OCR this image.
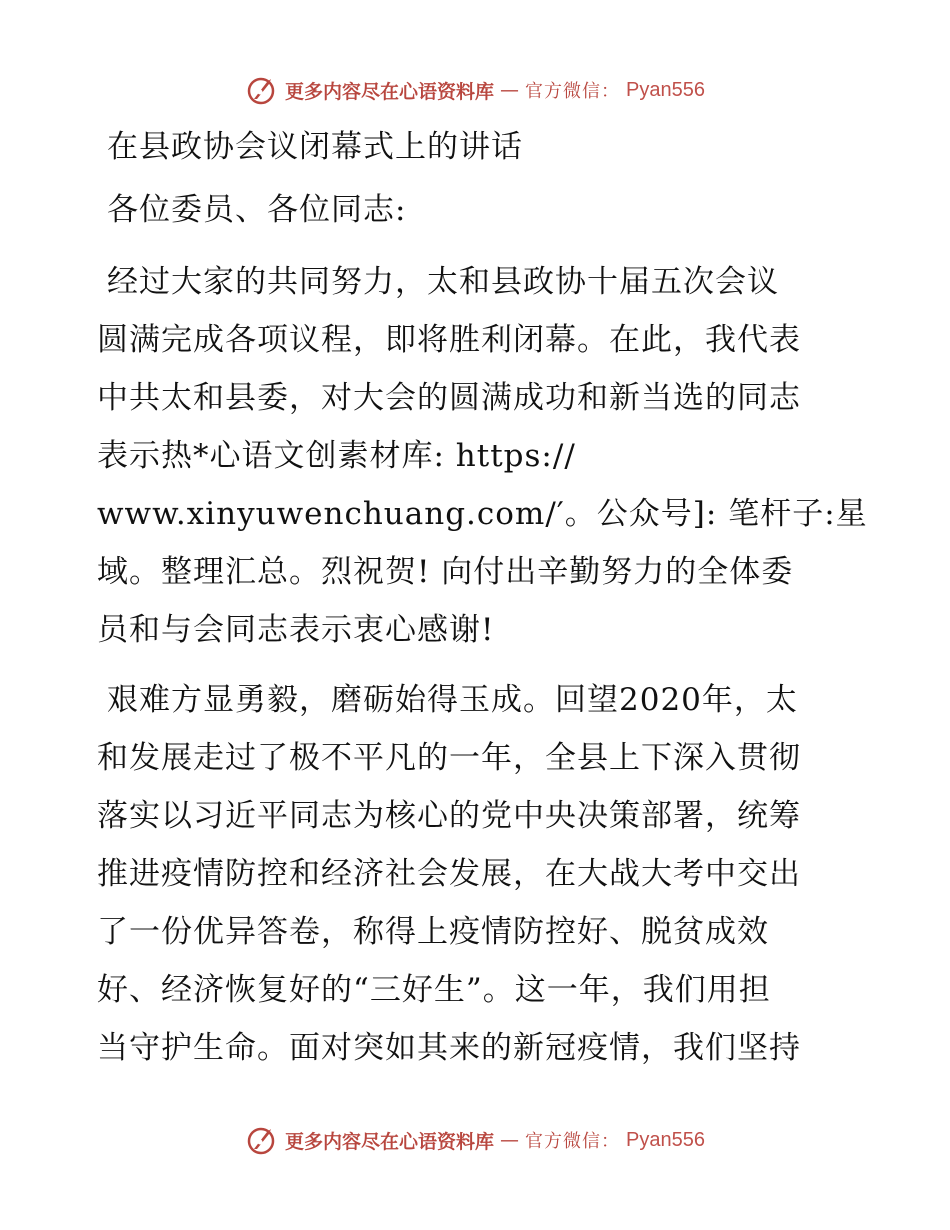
更多内容尽在心语资料库 — 官方微信： Pyan556
在县政协会议闭幕式上的讲话
各位委员、各位同志:
经过大家的共同努力，太和县政协十届五次会议
圆满完成各项议程，即将胜利闭幕。在此，我代表
中共太和县委，对大会的圆满成功和新当选的同志
表示热*心语文创素材库: https://
www.xinyuwenchuang.com/′。公众号]: 笔杆子:星
域。整理汇总。烈祝贺! 向付出辛勤努力的全体委
员和与会同志表示衷心感谢!
艰难方显勇毅，磨砺始得玉成。回望2020年，太
和发展走过了极不平凡的一年，全县上下深入贯彻
落实以习近平同志为核心的党中央决策部署，统筹
推进疫情防控和经济社会发展，在大战大考中交出
了一份优异答卷，称得上疫情防控好、脱贫成效
好、经济恢复好的“三好生”。这一年，我们用担
当守护生命。面对突如其来的新冠疫情，我们坚持
更多内容尽在心语资料库 — 官方微信： Pyan556
